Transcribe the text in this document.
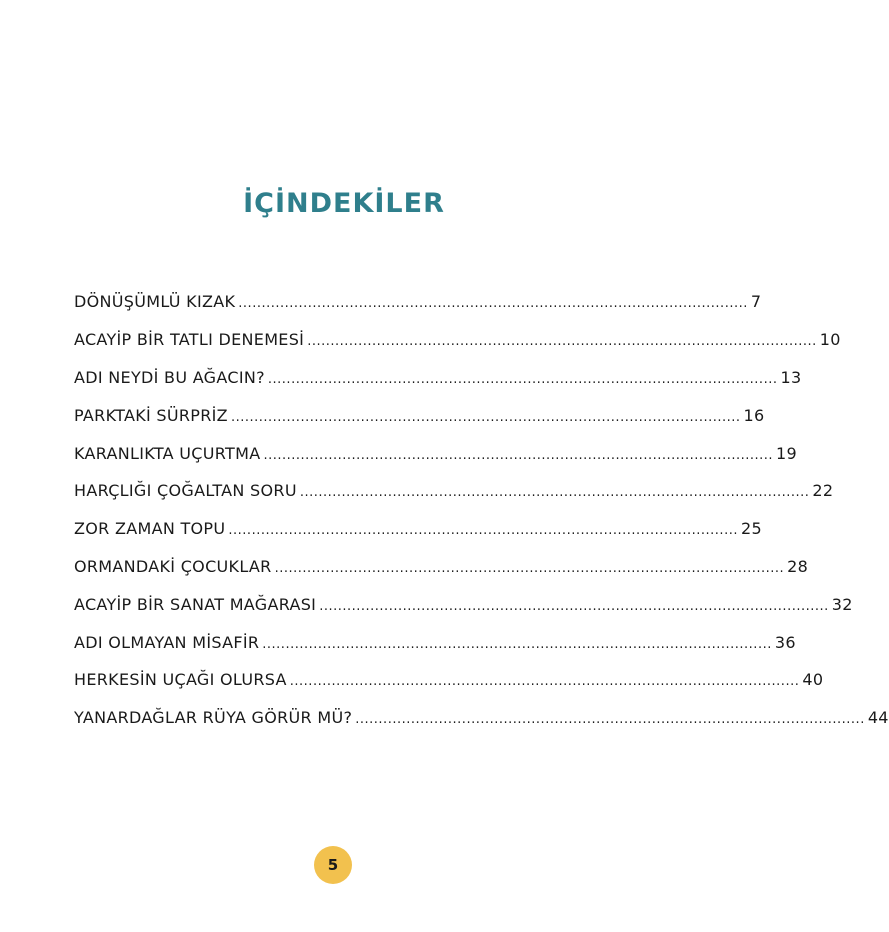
İÇİNDEKİLER
DÖNÜŞÜMLÜ KIZAK .............................................................................................................. 7
ACAYİP BİR TATLI DENEMESİ .............................................................................................................. 10
ADI NEYDİ BU AĞACIN? .............................................................................................................. 13
PARKTAKİ SÜRPRİZ .............................................................................................................. 16
KARANLIKTA UÇURTMA .............................................................................................................. 19
HARÇLIĞI ÇOĞALTAN SORU .............................................................................................................. 22
ZOR ZAMAN TOPU .............................................................................................................. 25
ORMANDAKİ ÇOCUKLAR .............................................................................................................. 28
ACAYİP BİR SANAT MAĞARASI .............................................................................................................. 32
ADI OLMAYAN MİSAFİR .............................................................................................................. 36
HERKESİN UÇAĞI OLURSA .............................................................................................................. 40
YANARDAĞLAR RÜYA GÖRÜR MÜ? .............................................................................................................. 44
5
